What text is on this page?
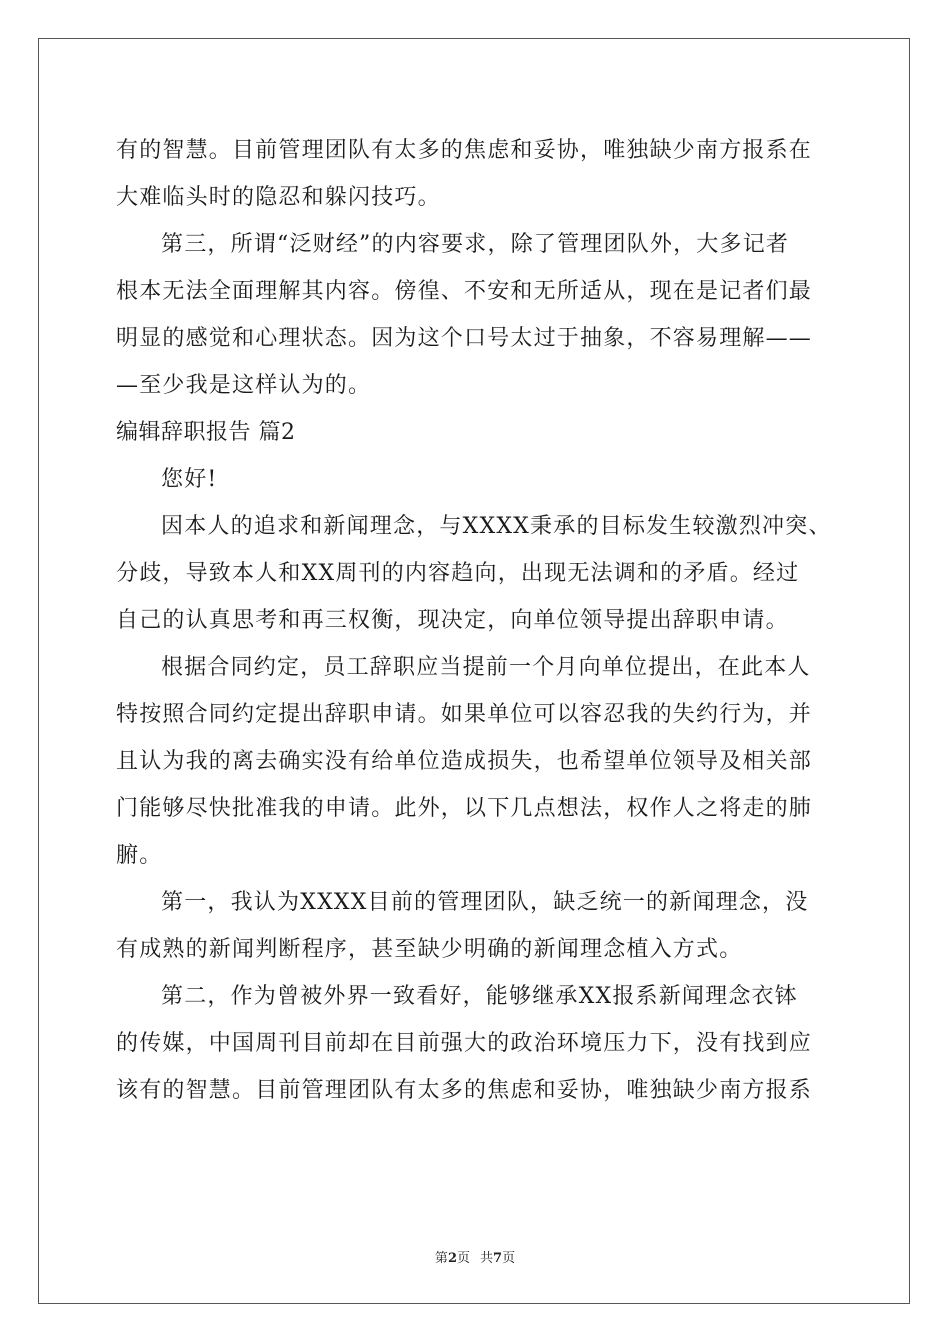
有的智慧。目前管理团队有太多的焦虑和妥协，唯独缺少南方报系在
大难临头时的隐忍和躲闪技巧。
第三，所谓“泛财经”的内容要求，除了管理团队外，大多记者
根本无法全面理解其内容。傍徨、不安和无所适从，现在是记者们最
明显的感觉和心理状态。因为这个口号太过于抽象，不容易理解——
—至少我是这样认为的。
编辑辞职报告 篇2
您好!
因本人的追求和新闻理念，与XXXX秉承的目标发生较激烈冲突、
分歧，导致本人和XX周刊的内容趋向，出现无法调和的矛盾。经过
自己的认真思考和再三权衡，现决定，向单位领导提出辞职申请。
根据合同约定，员工辞职应当提前一个月向单位提出，在此本人
特按照合同约定提出辞职申请。如果单位可以容忍我的失约行为，并
且认为我的离去确实没有给单位造成损失，也希望单位领导及相关部
门能够尽快批准我的申请。此外，以下几点想法，权作人之将走的肺
腑。
第一，我认为XXXX目前的管理团队，缺乏统一的新闻理念，没
有成熟的新闻判断程序，甚至缺少明确的新闻理念植入方式。
第二，作为曾被外界一致看好，能够继承XX报系新闻理念衣钵
的传媒，中国周刊目前却在目前强大的政治环境压力下，没有找到应
该有的智慧。目前管理团队有太多的焦虑和妥协，唯独缺少南方报系
第2页 共7页
